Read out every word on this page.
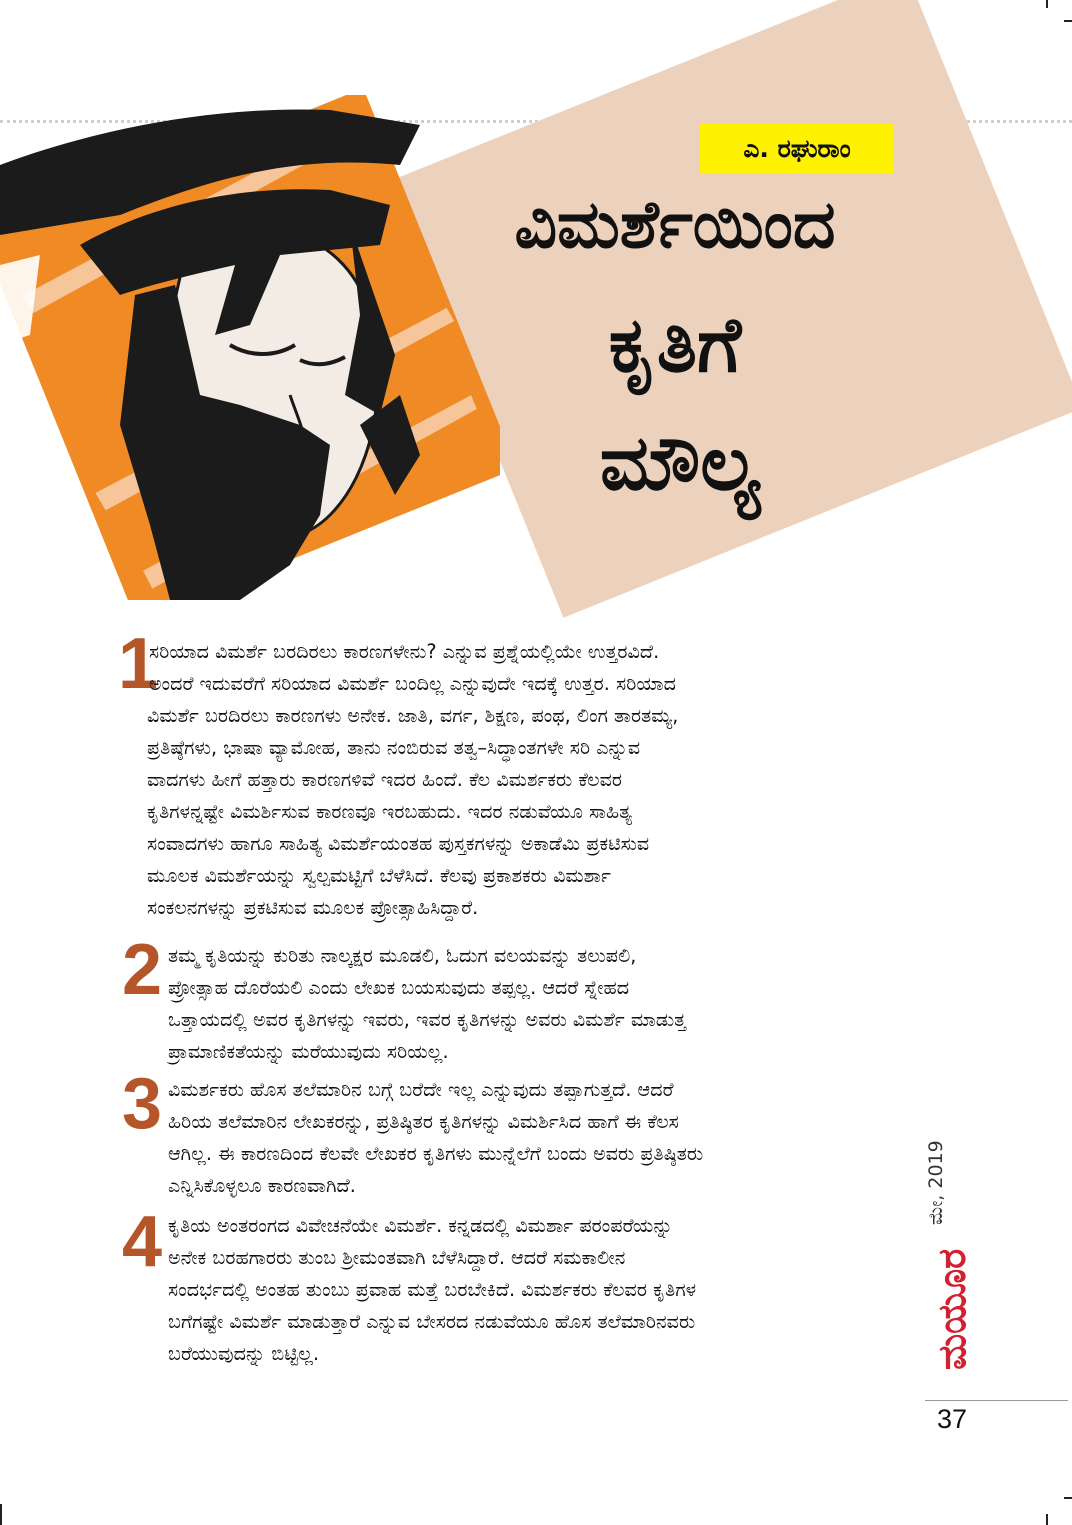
ಎ. ರಘುರಾಂ
ವಿಮರ್ಶೆಯಿಂದ
ಕೃತಿಗೆ
ಮೌಲ್ಯ
1
ಸರಿಯಾದ ವಿಮರ್ಶೆ ಬರದಿರಲು ಕಾರಣಗಳೇನು? ಎನ್ನುವ ಪ್ರಶ್ನೆಯಲ್ಲಿಯೇ ಉತ್ತರವಿದೆ.
ಅಂದರೆ ಇದುವರೆಗೆ ಸರಿಯಾದ ವಿಮರ್ಶೆ ಬಂದಿಲ್ಲ ಎನ್ನುವುದೇ ಇದಕ್ಕೆ ಉತ್ತರ. ಸರಿಯಾದ
ವಿಮರ್ಶೆ ಬರದಿರಲು ಕಾರಣಗಳು ಅನೇಕ. ಜಾತಿ, ವರ್ಗ, ಶಿಕ್ಷಣ, ಪಂಥ, ಲಿಂಗ ತಾರತಮ್ಯ,
ಪ್ರತಿಷ್ಠೆಗಳು, ಭಾಷಾ ವ್ಯಾಮೋಹ, ತಾನು ನಂಬಿರುವ ತತ್ವ–ಸಿದ್ಧಾಂತಗಳೇ ಸರಿ ಎನ್ನುವ
ವಾದಗಳು ಹೀಗೆ ಹತ್ತಾರು ಕಾರಣಗಳಿವೆ ಇದರ ಹಿಂದೆ. ಕೆಲ ವಿಮರ್ಶಕರು ಕೆಲವರ
ಕೃತಿಗಳನ್ನಷ್ಟೇ ವಿಮರ್ಶಿಸುವ ಕಾರಣವೂ ಇರಬಹುದು. ಇದರ ನಡುವೆಯೂ ಸಾಹಿತ್ಯ
ಸಂವಾದಗಳು ಹಾಗೂ ಸಾಹಿತ್ಯ ವಿಮರ್ಶೆಯಂತಹ ಪುಸ್ತಕಗಳನ್ನು ಅಕಾಡೆಮಿ ಪ್ರಕಟಿಸುವ
ಮೂಲಕ ವಿಮರ್ಶೆಯನ್ನು ಸ್ವಲ್ಪಮಟ್ಟಿಗೆ ಬೆಳೆಸಿದೆ. ಕೆಲವು ಪ್ರಕಾಶಕರು ವಿಮರ್ಶಾ
ಸಂಕಲನಗಳನ್ನು ಪ್ರಕಟಿಸುವ ಮೂಲಕ ಪ್ರೋತ್ಸಾಹಿಸಿದ್ದಾರೆ.
2 ತಮ್ಮ ಕೃತಿಯನ್ನು ಕುರಿತು ನಾಲ್ಕಕ್ಷರ ಮೂಡಲಿ, ಓದುಗ ವಲಯವನ್ನು ತಲುಪಲಿ,
ಪ್ರೋತ್ಸಾಹ ದೊರೆಯಲಿ ಎಂದು ಲೇಖಕ ಬಯಸುವುದು ತಪ್ಪಲ್ಲ. ಆದರೆ ಸ್ನೇಹದ
ಒತ್ತಾಯದಲ್ಲಿ ಅವರ ಕೃತಿಗಳನ್ನು ಇವರು, ಇವರ ಕೃತಿಗಳನ್ನು ಅವರು ವಿಮರ್ಶೆ ಮಾಡುತ್ತ
ಪ್ರಾಮಾಣಿಕತೆಯನ್ನು ಮರೆಯುವುದು ಸರಿಯಲ್ಲ.
3 ವಿಮರ್ಶಕರು ಹೊಸ ತಲೆಮಾರಿನ ಬಗ್ಗೆ ಬರೆದೇ ಇಲ್ಲ ಎನ್ನುವುದು ತಪ್ಪಾಗುತ್ತದೆ. ಆದರೆ
ಹಿರಿಯ ತಲೆಮಾರಿನ ಲೇಖಕರನ್ನು, ಪ್ರತಿಷ್ಠಿತರ ಕೃತಿಗಳನ್ನು ವಿಮರ್ಶಿಸಿದ ಹಾಗೆ ಈ ಕೆಲಸ
ಆಗಿಲ್ಲ. ಈ ಕಾರಣದಿಂದ ಕೆಲವೇ ಲೇಖಕರ ಕೃತಿಗಳು ಮುನ್ನೆಲೆಗೆ ಬಂದು ಅವರು ಪ್ರತಿಷ್ಠಿತರು
ಎನ್ನಿಸಿಕೊಳ್ಳಲೂ ಕಾರಣವಾಗಿದೆ.
4 ಕೃತಿಯ ಅಂತರಂಗದ ವಿವೇಚನೆಯೇ ವಿಮರ್ಶೆ. ಕನ್ನಡದಲ್ಲಿ ವಿಮರ್ಶಾ ಪರಂಪರೆಯನ್ನು
ಅನೇಕ ಬರಹಗಾರರು ತುಂಬ ಶ್ರೀಮಂತವಾಗಿ ಬೆಳೆಸಿದ್ದಾರೆ. ಆದರೆ ಸಮಕಾಲೀನ
ಸಂದರ್ಭದಲ್ಲಿ ಅಂತಹ ತುಂಬು ಪ್ರವಾಹ ಮತ್ತೆ ಬರಬೇಕಿದೆ. ವಿಮರ್ಶಕರು ಕೆಲವರ ಕೃತಿಗಳ
ಬಗೆಗಷ್ಟೇ ವಿಮರ್ಶೆ ಮಾಡುತ್ತಾರೆ ಎನ್ನುವ ಬೇಸರದ ನಡುವೆಯೂ ಹೊಸ ತಲೆಮಾರಿನವರು
ಬರೆಯುವುದನ್ನು ಬಿಟ್ಟಿಲ್ಲ.
ಮೇ, 2019
ಮಯೂರ
37
